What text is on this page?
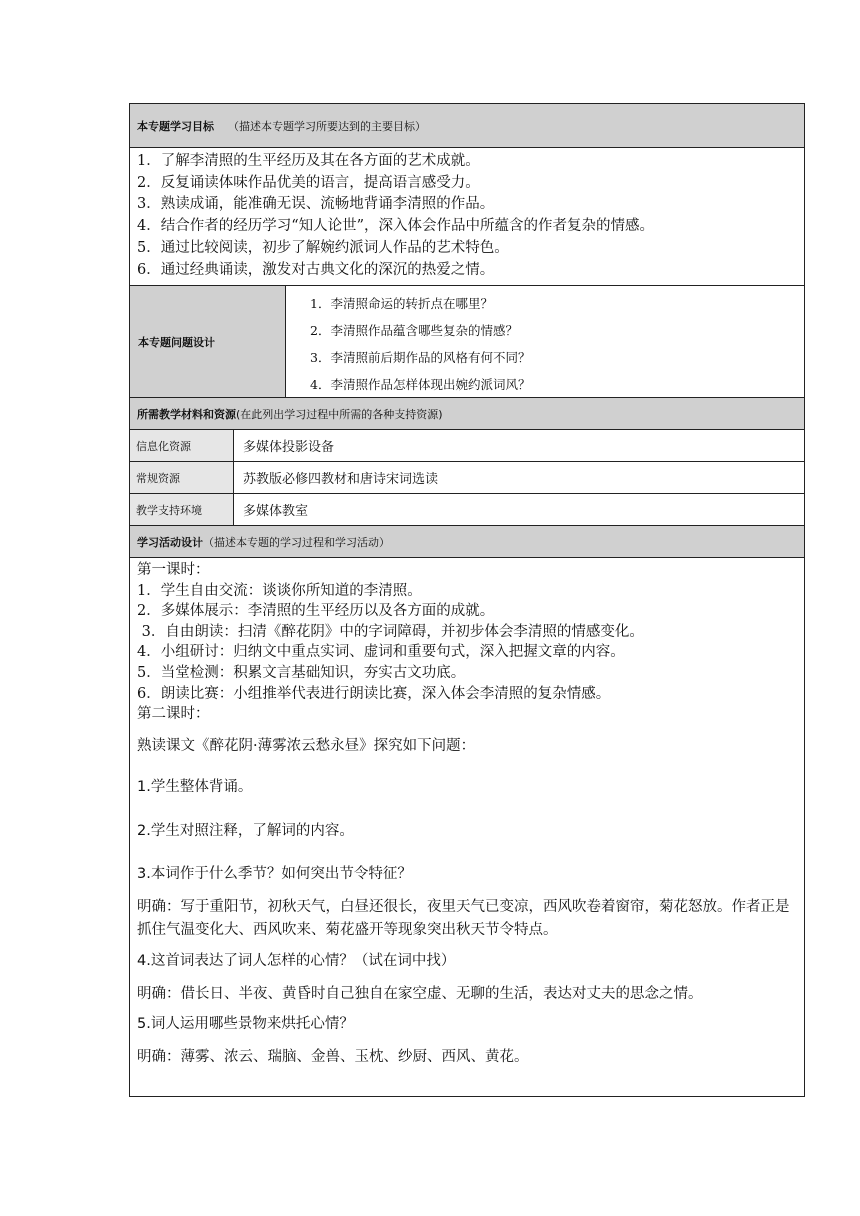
本专题学习目标 （描述本专题学习所要达到的主要目标）
1．了解李清照的生平经历及其在各方面的艺术成就。
2．反复诵读体味作品优美的语言，提高语言感受力。
3．熟读成诵，能准确无误、流畅地背诵李清照的作品。
4．结合作者的经历学习“知人论世”，深入体会作品中所蕴含的作者复杂的情感。
5．通过比较阅读，初步了解婉约派词人作品的艺术特色。
6．通过经典诵读，激发对古典文化的深沉的热爱之情。
本专题问题设计
1．李清照命运的转折点在哪里？
2．李清照作品蕴含哪些复杂的情感？
3．李清照前后期作品的风格有何不同？
4．李清照作品怎样体现出婉约派词风？
所需教学材料和资源 (在此列出学习过程中所需的各种支持资源)
信息化资源	多媒体投影设备
常规资源	苏教版必修四教材和唐诗宋词选读
教学支持环境	多媒体教室
学习活动设计 （描述本专题的学习过程和学习活动）
第一课时：
1．学生自由交流：谈谈你所知道的李清照。
2．多媒体展示：李清照的生平经历以及各方面的成就。
3．自由朗读：扫清《醉花阴》中的字词障碍，并初步体会李清照的情感变化。
4．小组研讨：归纳文中重点实词、虚词和重要句式，深入把握文章的内容。
5．当堂检测：积累文言基础知识，夯实古文功底。
6．朗读比赛：小组推举代表进行朗读比赛，深入体会李清照的复杂情感。
第二课时：
熟读课文《醉花阴·薄雾浓云愁永昼》探究如下问题：
1.学生整体背诵。
2.学生对照注释，了解词的内容。
3.本词作于什么季节？如何突出节令特征？

明确：写于重阳节，初秋天气，白昼还很长，夜里天气已变凉，西风吹卷着窗帘，菊花怒放。作者正是抓住气温变化大、西风吹来、菊花盛开等现象突出秋天节令特点。

4.这首词表达了词人怎样的心情？（试在词中找）
明确：借长日、半夜、黄昏时自己独自在家空虚、无聊的生活，表达对丈夫的思念之情。
5.词人运用哪些景物来烘托心情？
明确：薄雾、浓云、瑞脑、金兽、玉枕、纱厨、西风、黄花。
